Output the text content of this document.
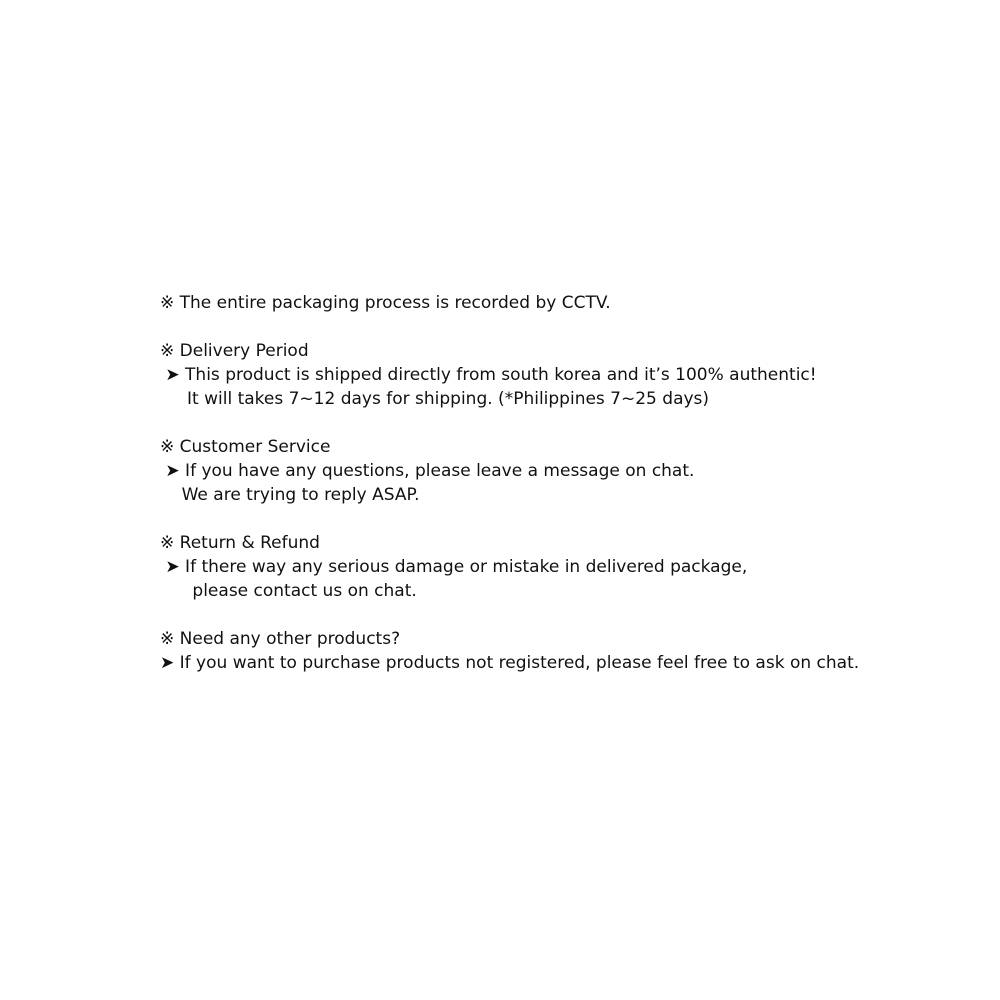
※ The entire packaging process is recorded by CCTV.
※ Delivery Period
➤ This product is shipped directly from south korea and it’s 100% authentic!
It will takes 7~12 days for shipping. (*Philippines 7~25 days)
※ Customer Service
➤ If you have any questions, please leave a message on chat.
We are trying to reply ASAP.
※ Return & Refund
➤ If there way any serious damage or mistake in delivered package,
please contact us on chat.
※ Need any other products?
➤ If you want to purchase products not registered, please feel free to ask on chat.
